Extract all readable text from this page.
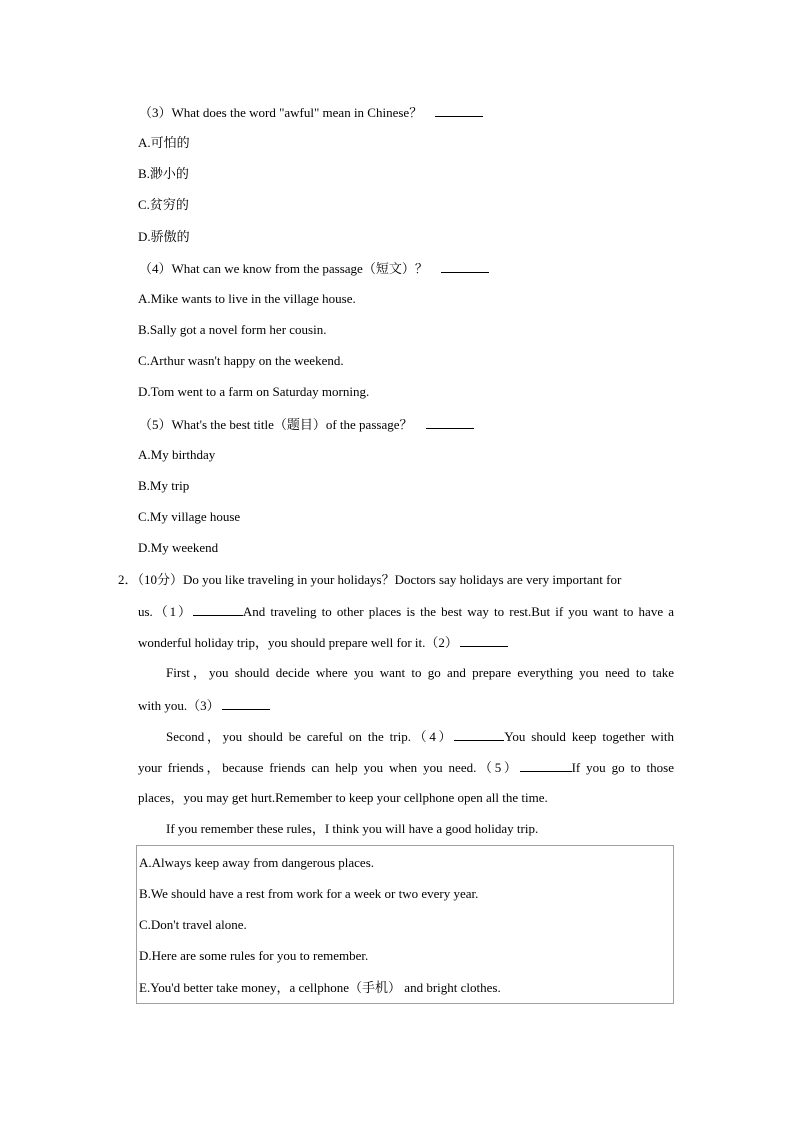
（3）What does the word "awful" mean in Chinese？
A.可怕的
B.渺小的
C.贫穷的
D.骄傲的
（4）What can we know from the passage（短文）？
A.Mike wants to live in the village house.
B.Sally got a novel form her cousin.
C.Arthur wasn't happy on the weekend.
D.Tom went to a farm on Saturday morning.
（5）What's the best title（题目）of the passage？
A.My birthday
B.My trip
C.My village house
D.My weekend
2．（10分）Do you like traveling in your holidays？Doctors say holidays are very important for
us.（1）	And traveling to other places is the best way to rest.But if you want to have a
wonderful holiday trip，you should prepare well for it.（2）
First，you should decide where you want to go and prepare everything you need to take
with you.（3）
Second，you should be careful on the trip.（4）	You should keep together with
your friends，because friends can help you when you need.（5）	If you go to those
places，you may get hurt.Remember to keep your cellphone open all the time.
If you remember these rules，I think you will have a good holiday trip.
A.Always keep away from dangerous places.
B.We should have a rest from work for a week or two every year.
C.Don't travel alone.
D.Here are some rules for you to remember.
E.You'd better take money，a cellphone（手机） and bright clothes.
